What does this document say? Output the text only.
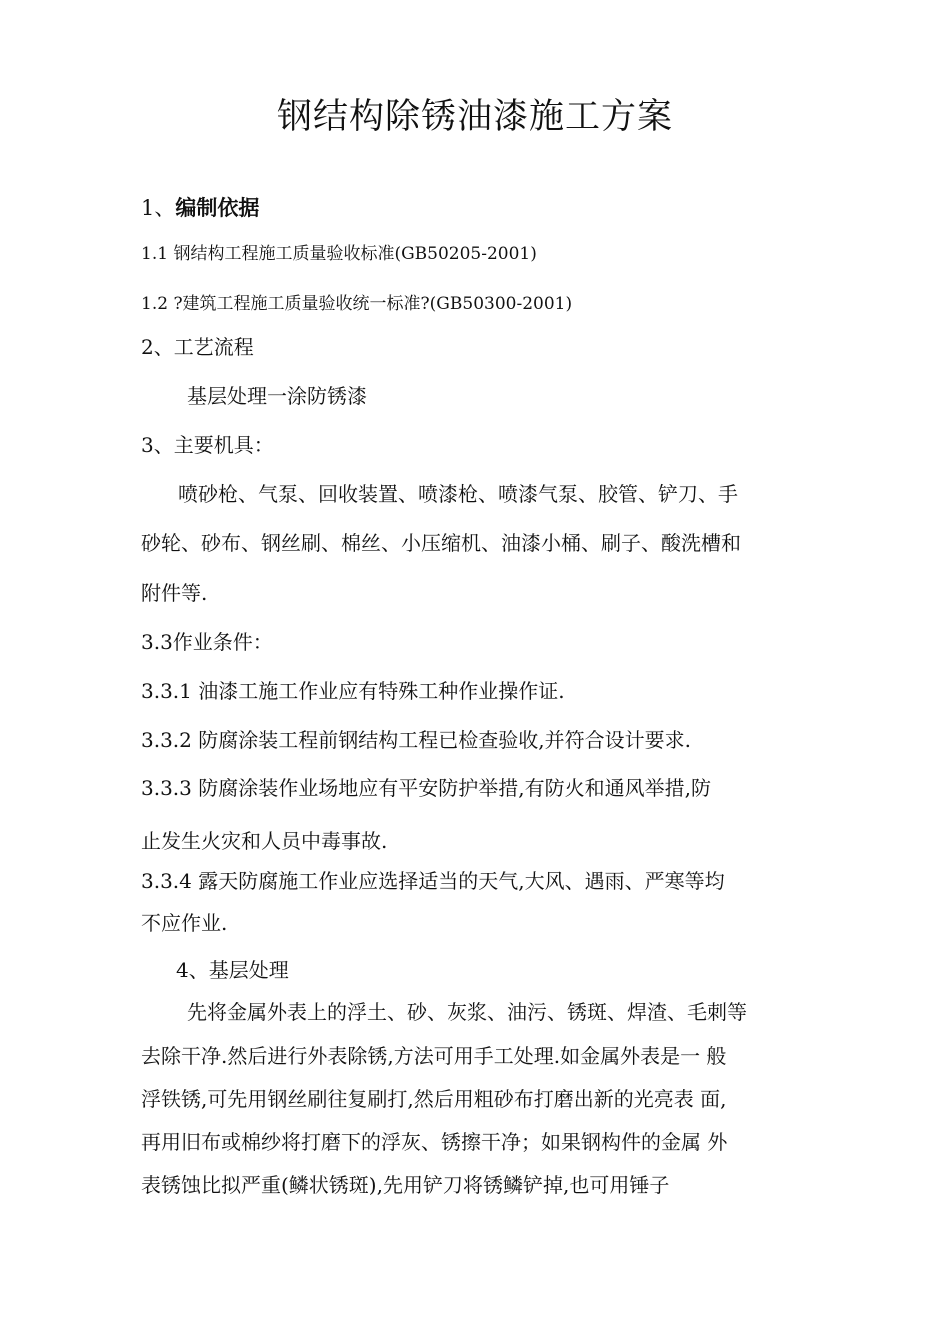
钢结构除锈油漆施工方案
1、编制依据
1.1 钢结构工程施工质量验收标准(GB50205-2001)
1.2 ?建筑工程施工质量验收统一标准?(GB50300-2001)
2、工艺流程
基层处理一涂防锈漆
3、主要机具：
喷砂枪、气泵、回收装置、喷漆枪、喷漆气泵、胶管、铲刀、手
砂轮、砂布、钢丝刷、棉丝、小压缩机、油漆小桶、刷子、酸洗槽和
附件等.
3.3作业条件：
3.3.1 油漆工施工作业应有特殊工种作业操作证.
3.3.2 防腐涂装工程前钢结构工程已检查验收,并符合设计要求.
3.3.3 防腐涂装作业场地应有平安防护举措,有防火和通风举措,防
止发生火灾和人员中毒事故.
3.3.4 露天防腐施工作业应选择适当的天气,大风、遇雨、严寒等均
不应作业.
4、基层处理
先将金属外表上的浮土、砂、灰浆、油污、锈斑、焊渣、毛刺等
去除干净.然后进行外表除锈,方法可用手工处理.如金属外表是一 般
浮铁锈,可先用钢丝刷往复刷打,然后用粗砂布打磨出新的光亮表 面,
再用旧布或棉纱将打磨下的浮灰、锈擦干净；如果钢构件的金属 外
表锈蚀比拟严重(鳞状锈斑),先用铲刀将锈鳞铲掉,也可用锤子
